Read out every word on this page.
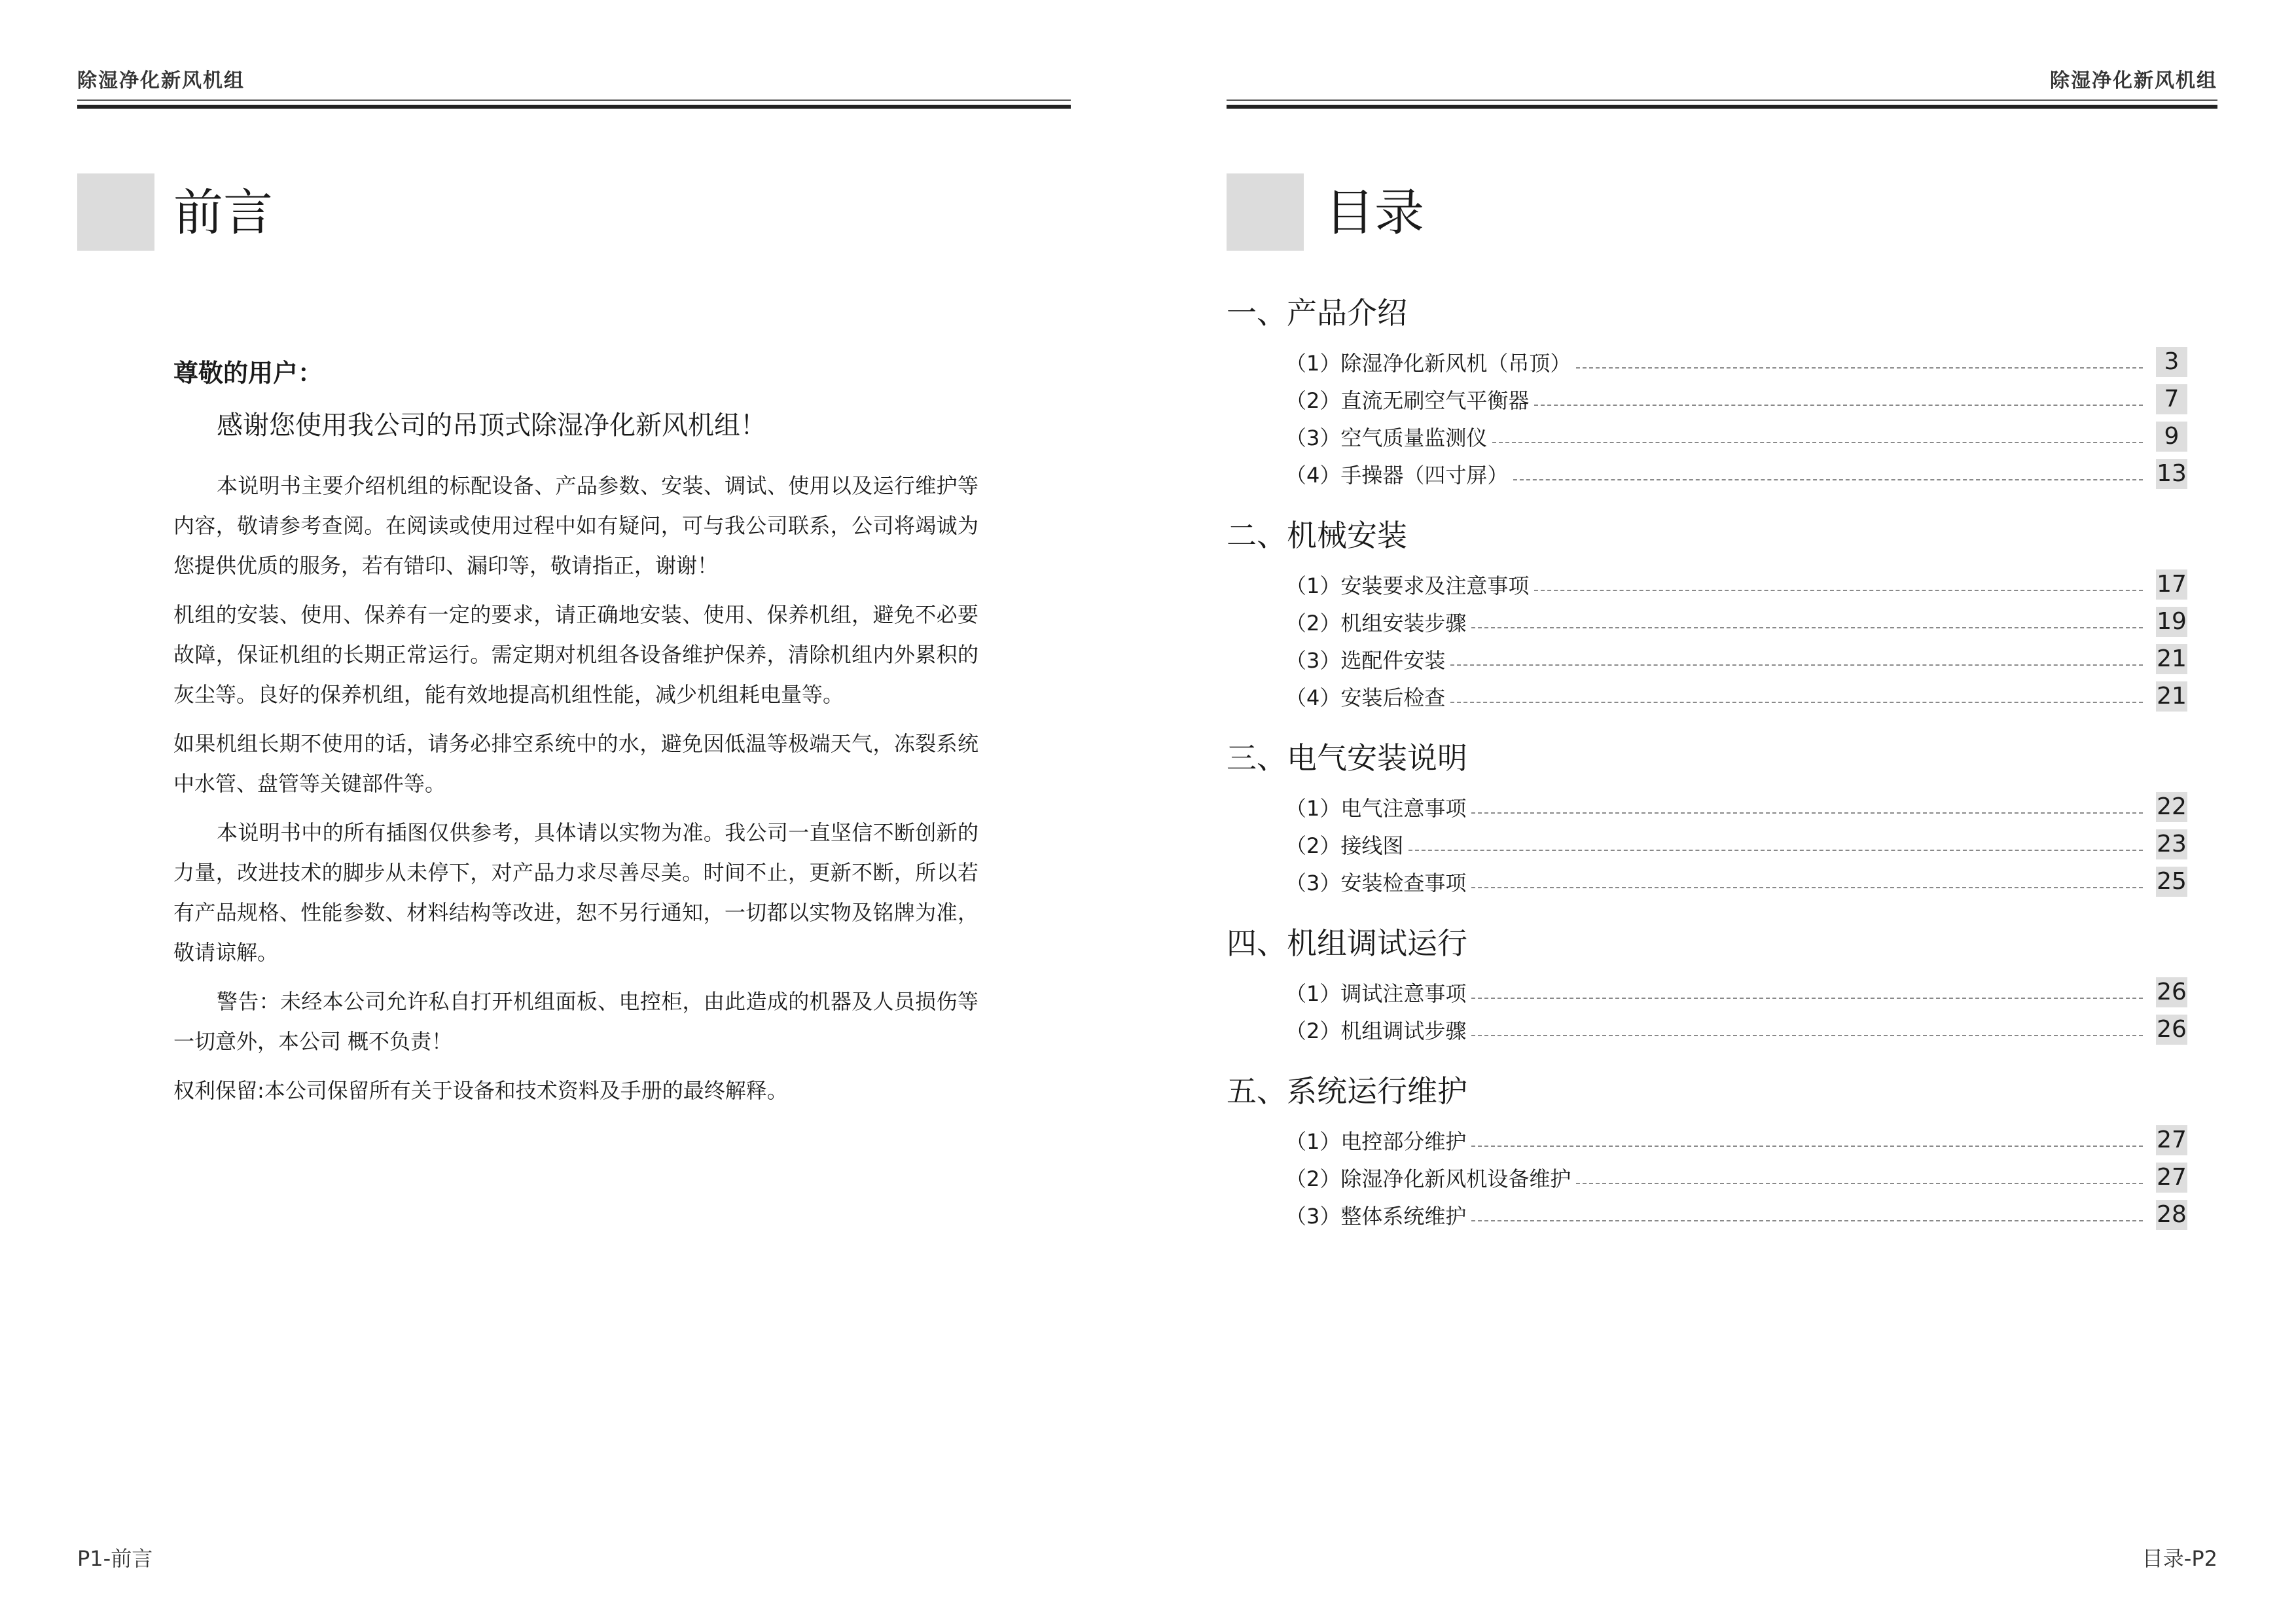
除湿净化新风机组
前言

尊敬的用户：

感谢您使用我公司的吊顶式除湿净化新风机组！

本说明书主要介绍机组的标配设备、产品参数、安装、调试、使用以及运行维护等内容，敬请参考查阅。在阅读或使用过程中如有疑问，可与我公司联系，公司将竭诚为您提供优质的服务，若有错印、漏印等，敬请指正，谢谢！

机组的安装、使用、保养有一定的要求，请正确地安装、使用、保养机组，避免不必要故障，保证机组的长期正常运行。需定期对机组各设备维护保养，清除机组内外累积的灰尘等。良好的保养机组，能有效地提高机组性能，减少机组耗电量等。

如果机组长期不使用的话，请务必排空系统中的水，避免因低温等极端天气，冻裂系统中水管、盘管等关键部件等。

本说明书中的所有插图仅供参考，具体请以实物为准。我公司一直坚信不断创新的力量，改进技术的脚步从未停下，对产品力求尽善尽美。时间不止，更新不断，所以若有产品规格、性能参数、材料结构等改进，恕不另行通知，一切都以实物及铭牌为准，敬请谅解。

警告：未经本公司允许私自打开机组面板、电控柜，由此造成的机器及人员损伤等一切意外，本公司 概不负责！

权利保留:本公司保留所有关于设备和技术资料及手册的最终解释。

P1-前言
除湿净化新风机组
目录
目录-P2
一、产品介绍
（1）除湿净化新风机（吊顶）	3
（2）直流无刷空气平衡器	7
（3）空气质量监测仪	9
（4）手操器（四寸屏）	13
二、机械安装
（1）安装要求及注意事项	17
（2）机组安装步骤	19
（3）选配件安装	21
（4）安装后检查	21
三、电气安装说明
（1）电气注意事项	22
（2）接线图	23
（3）安装检查事项	25
四、机组调试运行
（1）调试注意事项	26
（2）机组调试步骤	26
五、系统运行维护
（1）电控部分维护	27
（2）除湿净化新风机设备维护	27
（3）整体系统维护	28
